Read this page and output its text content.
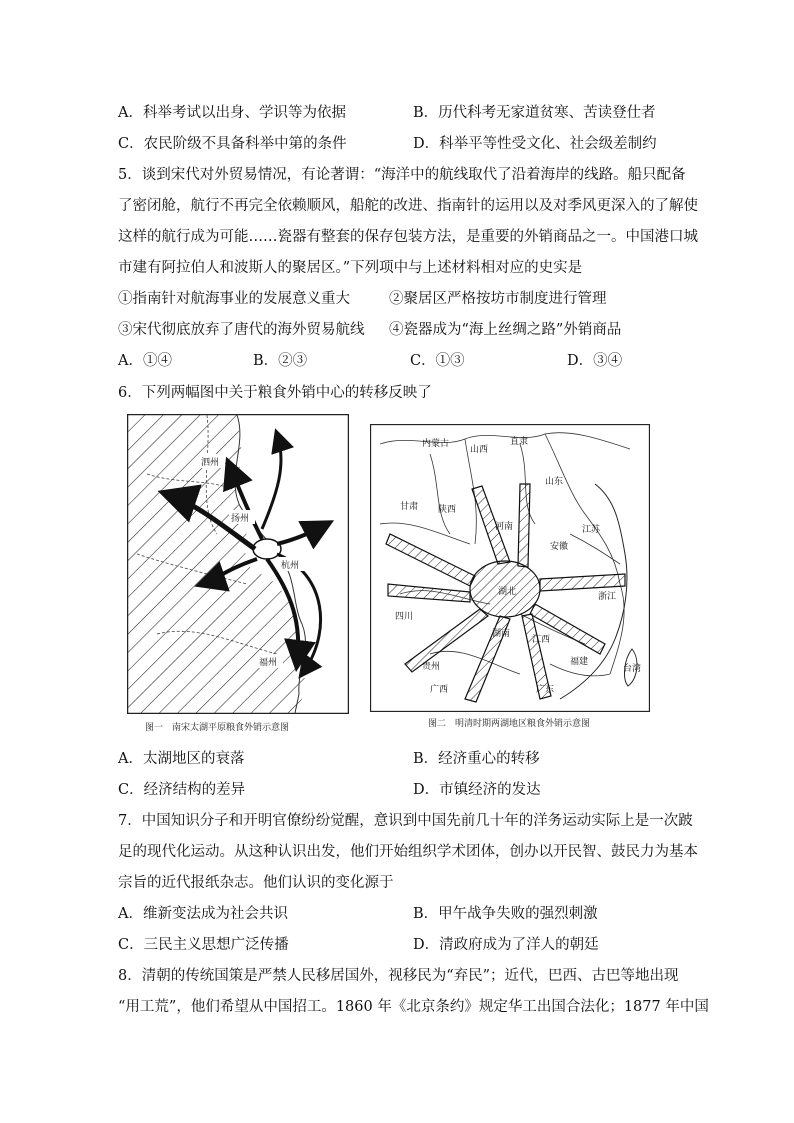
A．科举考试以出身、学识等为依据	B．历代科考无家道贫寒、苦读登仕者
C．农民阶级不具备科举中第的条件	D．科举平等性受文化、社会级差制约
5．谈到宋代对外贸易情况，有论著谓：“海洋中的航线取代了沿着海岸的线路。船只配备
了密闭舱，航行不再完全依赖顺风，船舵的改进、指南针的运用以及对季风更深入的了解使
这样的航行成为可能……瓷器有整套的保存包装方法，是重要的外销商品之一。中国港口城
市建有阿拉伯人和波斯人的聚居区。”下列项中与上述材料相对应的史实是
①指南针对航海事业的发展意义重大	②聚居区严格按坊市制度进行管理
③宋代彻底放弃了唐代的海外贸易航线 ④瓷器成为“海上丝绸之路”外销商品
A．①④	B．②③	C．①③	D．③④
6．下列两幅图中关于粮食外销中心的转移反映了
泗州
扬州
杭州
福州
图一　南宋太湖平原粮食外销示意图
内蒙古
山西
直隶
山东
甘肃 陕西
河南	江苏
安徽
湖北	浙江
四川
湖南
江西
福建
贵州
广西	广东
台湾
图二　明清时期两湖地区粮食外销示意图
A．太湖地区的衰落	B．经济重心的转移
C．经济结构的差异	D．市镇经济的发达
7．中国知识分子和开明官僚纷纷觉醒，意识到中国先前几十年的洋务运动实际上是一次跛
足的现代化运动。从这种认识出发，他们开始组织学术团体，创办以开民智、鼓民力为基本
宗旨的近代报纸杂志。他们认识的变化源于
A．维新变法成为社会共识	B．甲午战争失败的强烈刺激
C．三民主义思想广泛传播	D．清政府成为了洋人的朝廷
8．清朝的传统国策是严禁人民移居国外，视移民为“弃民”；近代，巴西、古巴等地出现
“用工荒”，他们希望从中国招工。1860 年《北京条约》规定华工出国合法化；1877 年中国
